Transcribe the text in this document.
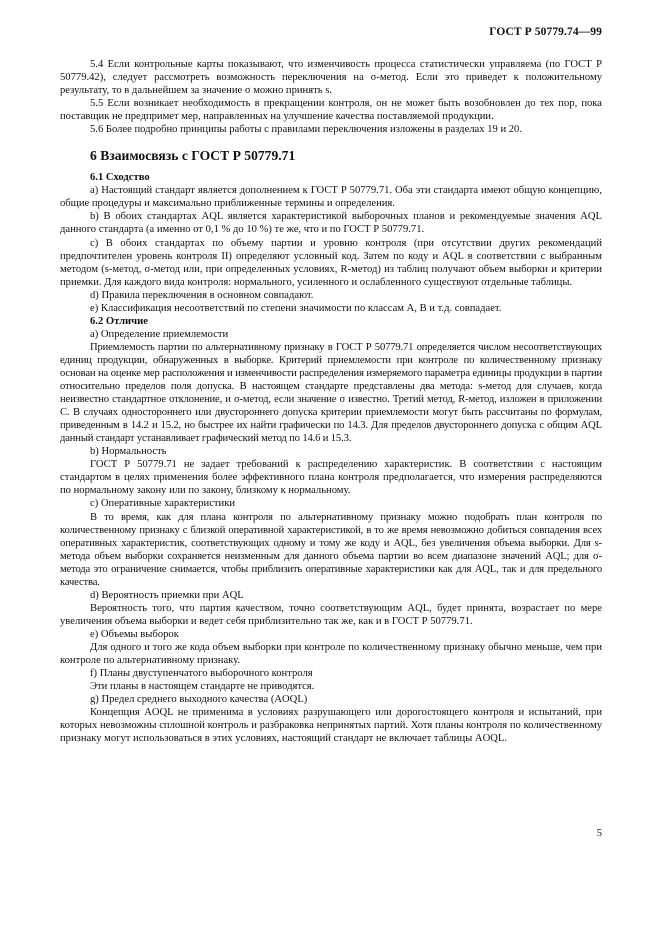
ГОСТ Р 50779.74—99

5.4 Если контрольные карты показывают, что изменчивость процесса статистически управляема (по ГОСТ Р 50779.42), следует рассмотреть возможность переключения на σ-метод. Если это приведет к положительному результату, то в дальнейшем за значение σ можно принять s.

5.5 Если возникает необходимость в прекращении контроля, он не может быть возобновлен до тех пор, пока поставщик не предпримет мер, направленных на улучшение качества поставляемой продукции.

5.6 Более подробно принципы работы с правилами переключения изложены в разделах 19 и 20.

6 Взаимосвязь с ГОСТ Р 50779.71

6.1 Сходство

a) Настоящий стандарт является дополнением к ГОСТ Р 50779.71. Оба эти стандарта имеют общую концепцию, общие процедуры и максимально приближенные термины и определения.

b) В обоих стандартах AQL является характеристикой выборочных планов и рекомендуемые значения AQL данного стандарта (а именно от 0,1 % до 10 %) те же, что и по ГОСТ Р 50779.71.

c) В обоих стандартах по объему партии и уровню контроля (при отсутствии других рекомендаций предпочтителен уровень контроля II) определяют условный код. Затем по коду и AQL в соответствии с выбранным методом (s-метод, σ-метод или, при определенных условиях, R-метод) из таблиц получают объем выборки и критерии приемки. Для каждого вида контроля: нормального, усиленного и ослабленного существуют отдельные таблицы.

d) Правила переключения в основном совпадают.

e) Классификация несоответствий по степени значимости по классам A, B и т.д. совпадает.

6.2 Отличие

a) Определение приемлемости

Приемлемость партии по альтернативному признаку в ГОСТ Р 50779.71 определяется числом несоответствующих единиц продукции, обнаруженных в выборке. Критерий приемлемости при контроле по количественному признаку основан на оценке мер расположения и изменчивости распределения измеряемого параметра единицы продукции в партии относительно пределов поля допуска. В настоящем стандарте представлены два метода: s-метод для случаев, когда неизвестно стандартное отклонение, и σ-метод, если значение σ известно. Третий метод, R-метод, изложен в приложении С. В случаях одностороннего или двустороннего допуска критерии приемлемости могут быть рассчитаны по формулам, приведенным в 14.2 и 15.2, но быстрее их найти графически по 14.3. Для пределов двустороннего допуска с общим AQL данный стандарт устанавливает графический метод по 14.6 и 15.3.

b) Нормальность

ГОСТ Р 50779.71 не задает требований к распределению характеристик. В соответствии с настоящим стандартом в целях применения более эффективного плана контроля предполагается, что измерения распределяются по нормальному закону или по закону, близкому к нормальному.

c) Оперативные характеристики

В то время, как для плана контроля по альтернативному признаку можно подобрать план контроля по количественному признаку с близкой оперативной характеристикой, в то же время невозможно добиться совпадения всех оперативных характеристик, соответствующих одному и тому же коду и AQL, без увеличения объема выборки. Для s-метода объем выборки сохраняется неизменным для данного объема партии во всем диапазоне значений AQL; для σ-метода это ограничение снимается, чтобы приблизить оперативные характеристики как для AQL, так и для предельного качества.

d) Вероятность приемки при AQL

Вероятность того, что партия качеством, точно соответствующим AQL, будет принята, возрастает по мере увеличения объема выборки и ведет себя приблизительно так же, как и в ГОСТ Р 50779.71.

e) Объемы выборок

Для одного и того же кода объем выборки при контроле по количественному признаку обычно меньше, чем при контроле по альтернативному признаку.

f) Планы двуступенчатого выборочного контроля

Эти планы в настоящем стандарте не приводятся.

g) Предел среднего выходного качества (AOQL)

Концепция AOQL не применима в условиях разрушающего или дорогостоящего контроля и испытаний, при которых невозможны сплошной контроль и разбраковка непринятых партий. Хотя планы контроля по количественному признаку могут использоваться в этих условиях, настоящий стандарт не включает таблицы AOQL.

5
